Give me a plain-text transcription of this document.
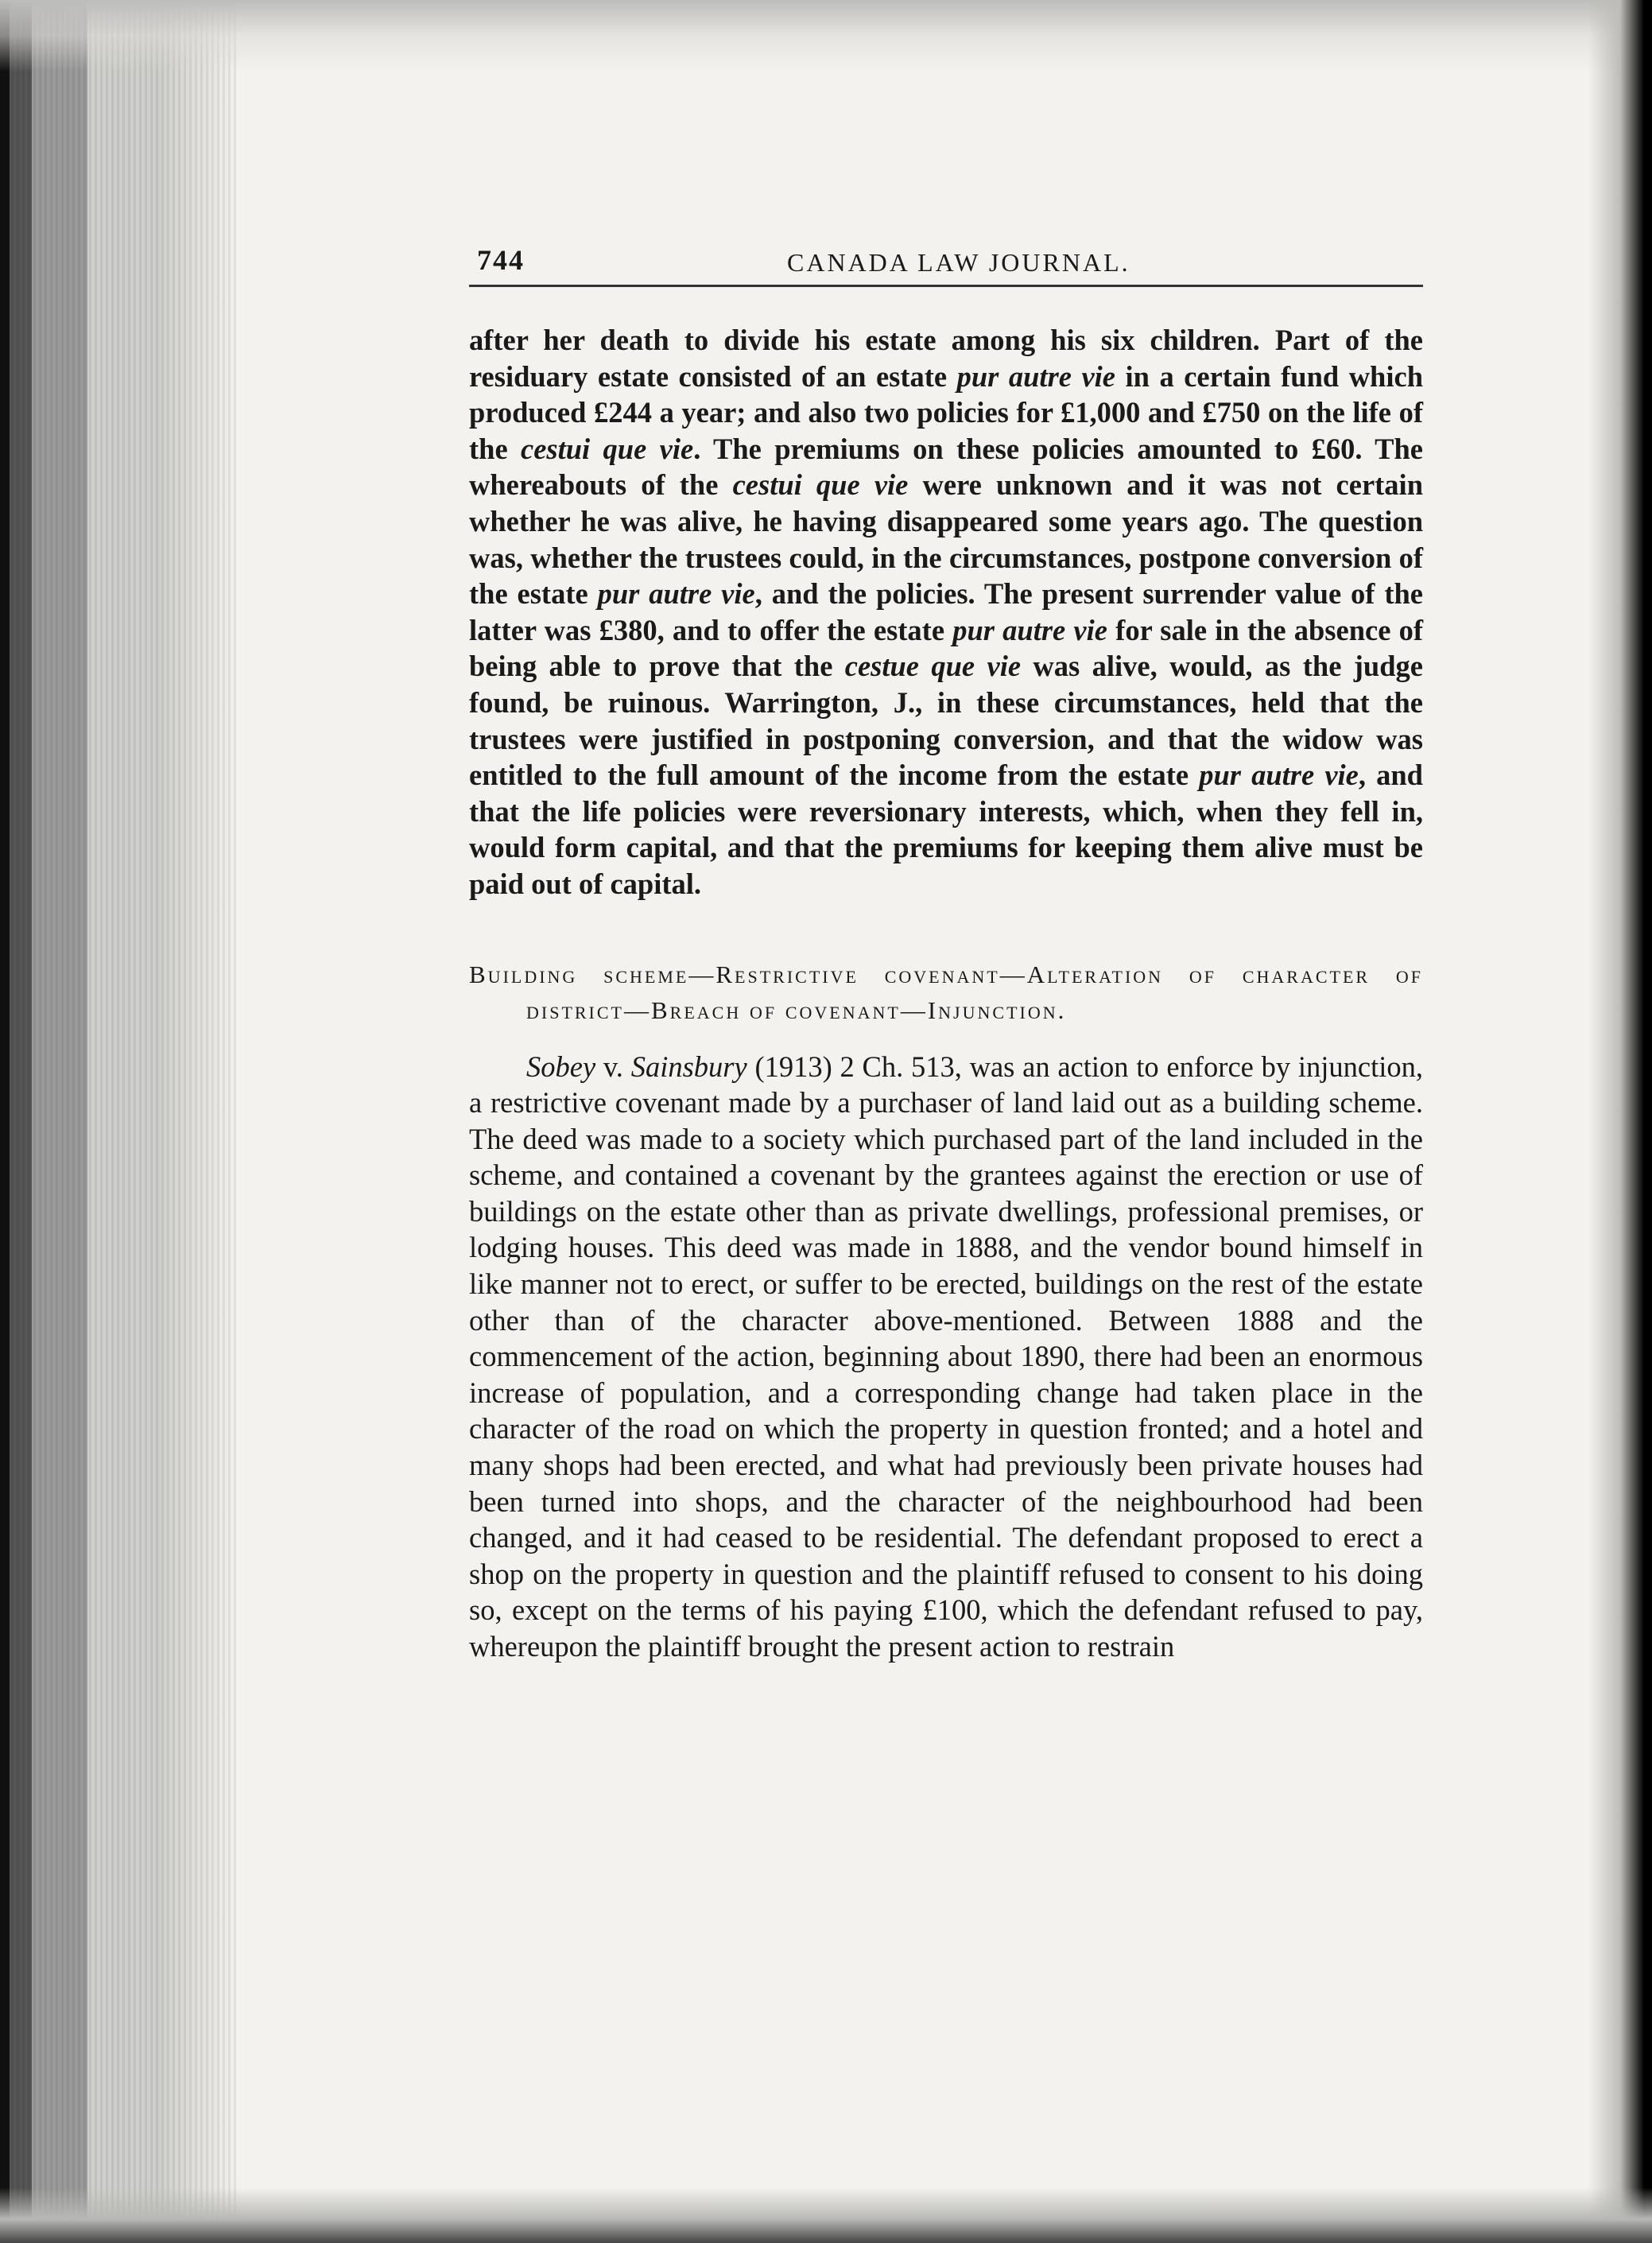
744	CANADA LAW JOURNAL.

after her death to divide his estate among his six children. Part of the residuary estate consisted of an estate pur autre vie in a certain fund which produced £244 a year; and also two policies for £1,000 and £750 on the life of the cestui que vie. The premiums on these policies amounted to £60. The whereabouts of the cestui que vie were unknown and it was not certain whether he was alive, he having disappeared some years ago. The question was, whether the trustees could, in the circumstances, postpone conversion of the estate pur autre vie, and the policies. The present surrender value of the latter was £380, and to offer the estate pur autre vie for sale in the absence of being able to prove that the cestue que vie was alive, would, as the judge found, be ruinous. Warrington, J., in these circumstances, held that the trustees were justified in postponing conversion, and that the widow was entitled to the full amount of the income from the estate pur autre vie, and that the life policies were reversionary interests, which, when they fell in, would form capital, and that the premiums for keeping them alive must be paid out of capital.

Building scheme—Restrictive covenant—Alteration of character of district—Breach of covenant—Injunction.

Sobey v. Sainsbury (1913) 2 Ch. 513, was an action to enforce by injunction, a restrictive covenant made by a purchaser of land laid out as a building scheme. The deed was made to a society which purchased part of the land included in the scheme, and contained a covenant by the grantees against the erection or use of buildings on the estate other than as private dwellings, professional premises, or lodging houses. This deed was made in 1888, and the vendor bound himself in like manner not to erect, or suffer to be erected, buildings on the rest of the estate other than of the character above-mentioned. Between 1888 and the commencement of the action, beginning about 1890, there had been an enormous increase of population, and a corresponding change had taken place in the character of the road on which the property in question fronted; and a hotel and many shops had been erected, and what had previously been private houses had been turned into shops, and the character of the neighbourhood had been changed, and it had ceased to be residential. The defendant proposed to erect a shop on the property in question and the plaintiff refused to consent to his doing so, except on the terms of his paying £100, which the defendant refused to pay, whereupon the plaintiff brought the present action to restrain
